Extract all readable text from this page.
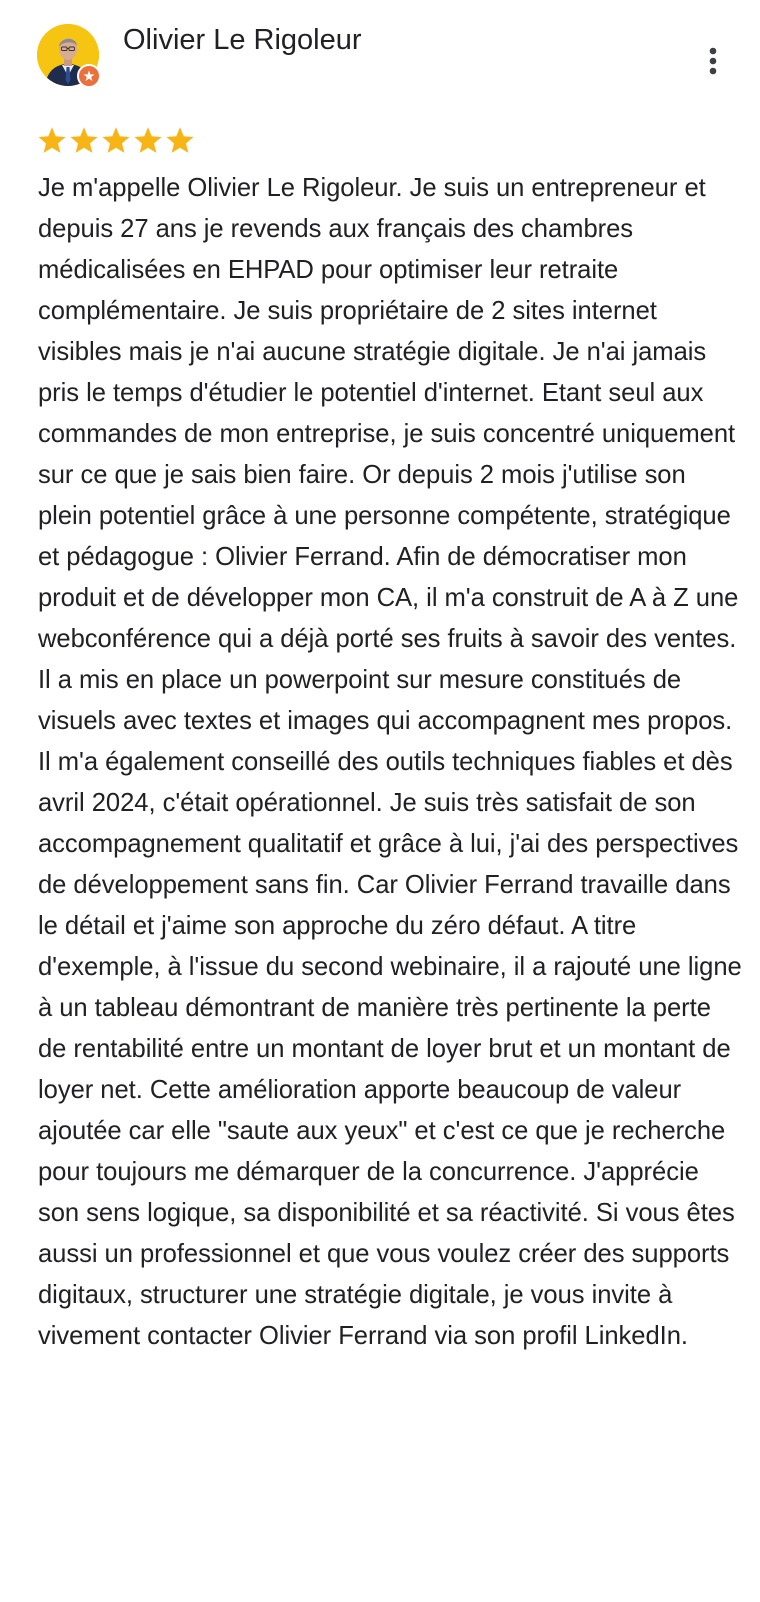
Olivier Le Rigoleur

Je m'appelle Olivier Le Rigoleur. Je suis un entrepreneur et depuis 27 ans je revends aux français des chambres médicalisées en EHPAD pour optimiser leur retraite complémentaire. Je suis propriétaire de 2 sites internet visibles mais je n'ai aucune stratégie digitale. Je n'ai jamais pris le temps d'étudier le potentiel d'internet. Etant seul aux commandes de mon entreprise, je suis concentré uniquement sur ce que je sais bien faire. Or depuis 2 mois j'utilise son plein potentiel grâce à une personne compétente, stratégique et pédagogue : Olivier Ferrand. Afin de démocratiser mon produit et de développer mon CA, il m'a construit de A à Z une webconférence qui a déjà porté ses fruits à savoir des ventes. Il a mis en place un powerpoint sur mesure constitués de visuels avec textes et images qui accompagnent mes propos. Il m'a également conseillé des outils techniques fiables et dès avril 2024, c'était opérationnel. Je suis très satisfait de son accompagnement qualitatif et grâce à lui, j'ai des perspectives de développement sans fin. Car Olivier Ferrand travaille dans le détail et j'aime son approche du zéro défaut. A titre d'exemple, à l'issue du second webinaire, il a rajouté une ligne à un tableau démontrant de manière très pertinente la perte de rentabilité entre un montant de loyer brut et un montant de loyer net. Cette amélioration apporte beaucoup de valeur ajoutée car elle "saute aux yeux" et c'est ce que je recherche pour toujours me démarquer de la concurrence. J'apprécie son sens logique, sa disponibilité et sa réactivité. Si vous êtes aussi un professionnel et que vous voulez créer des supports digitaux, structurer une stratégie digitale, je vous invite à vivement contacter Olivier Ferrand via son profil LinkedIn.
